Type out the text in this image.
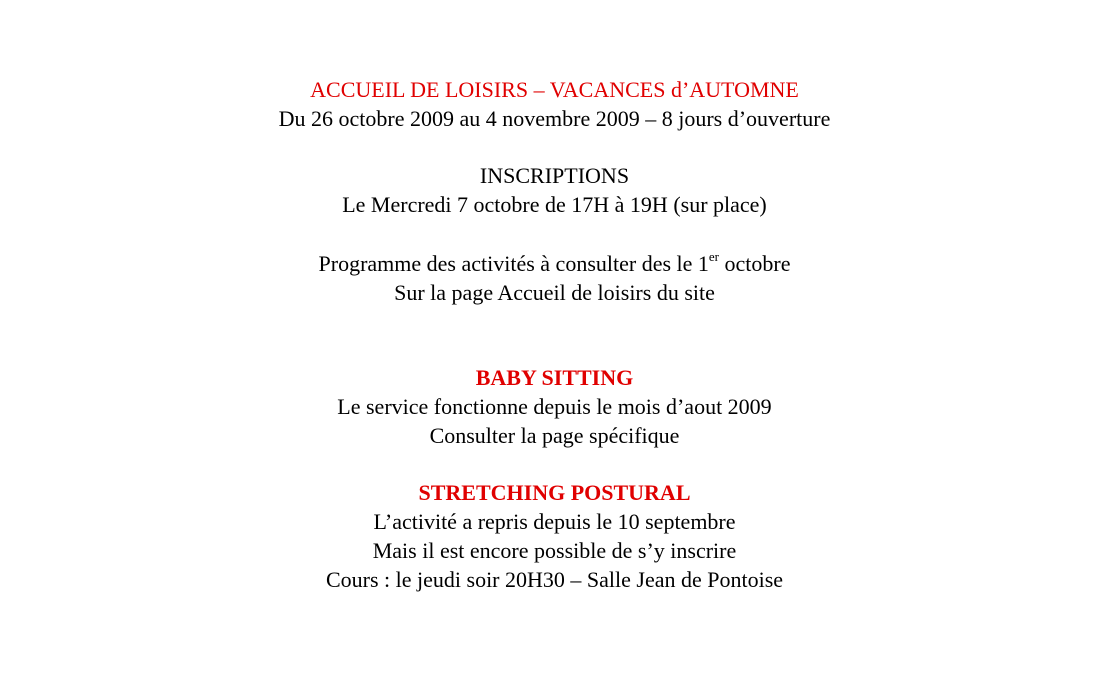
ACCUEIL DE LOISIRS – VACANCES d’AUTOMNE
Du 26 octobre 2009 au 4 novembre 2009 – 8 jours d’ouverture
INSCRIPTIONS
Le Mercredi 7 octobre de 17H à 19H (sur place)
Programme des activités à consulter des le 1er octobre
Sur la page Accueil de loisirs du site
BABY SITTING
Le service fonctionne depuis le mois d’aout 2009
Consulter la page spécifique
STRETCHING POSTURAL
L’activité a repris depuis le 10 septembre
Mais il est encore possible de s’y inscrire
Cours : le jeudi soir 20H30 – Salle Jean de Pontoise
